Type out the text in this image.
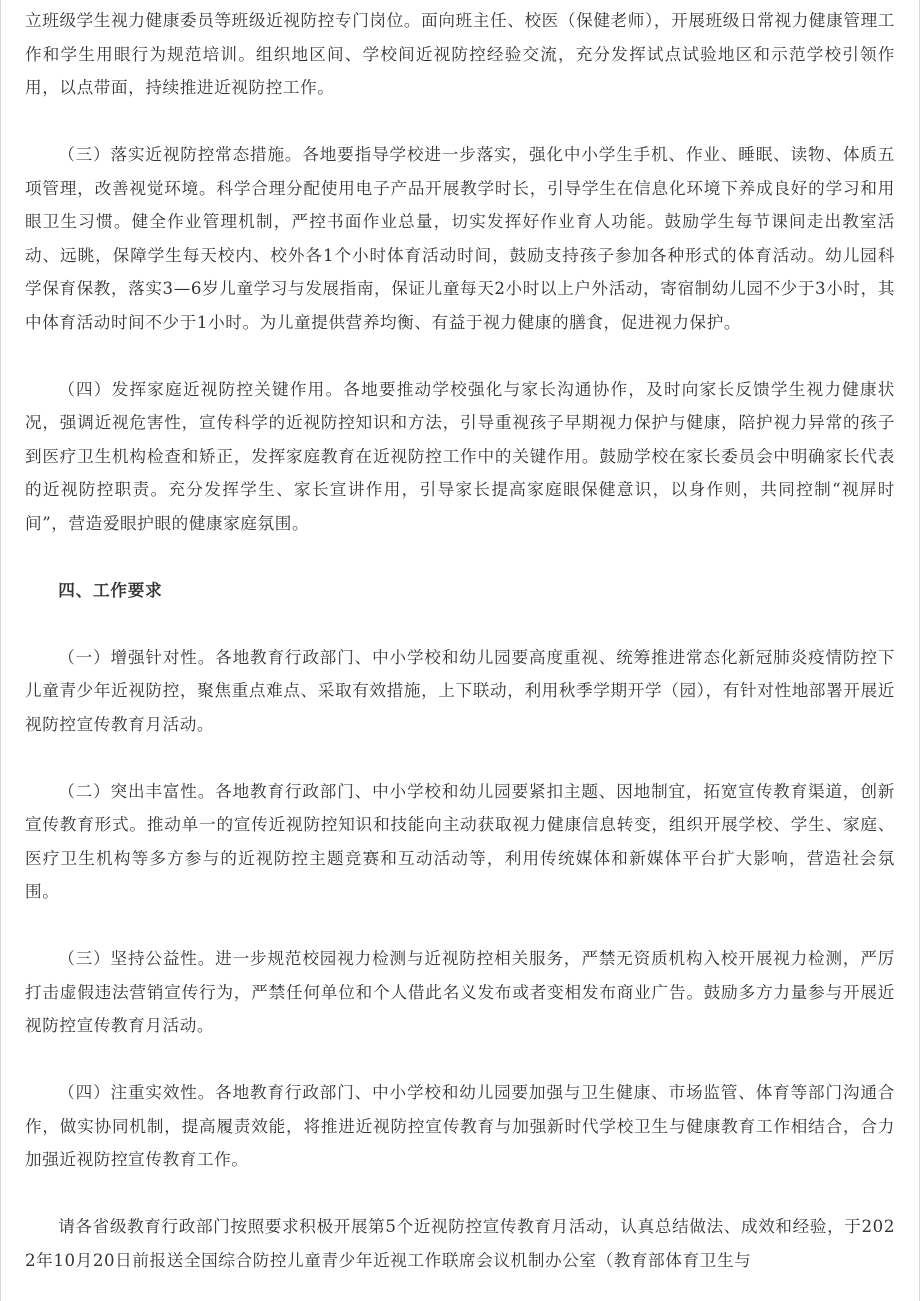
立班级学生视力健康委员等班级近视防控专门岗位。面向班主任、校医（保健老师），开展班级日常视力健康管理工作和学生用眼行为规范培训。组织地区间、学校间近视防控经验交流，充分发挥试点试验地区和示范学校引领作用，以点带面，持续推进近视防控工作。

（三）落实近视防控常态措施。各地要指导学校进一步落实，强化中小学生手机、作业、睡眠、读物、体质五项管理，改善视觉环境。科学合理分配使用电子产品开展教学时长，引导学生在信息化环境下养成良好的学习和用眼卫生习惯。健全作业管理机制，严控书面作业总量，切实发挥好作业育人功能。鼓励学生每节课间走出教室活动、远眺，保障学生每天校内、校外各1个小时体育活动时间，鼓励支持孩子参加各种形式的体育活动。幼儿园科学保育保教，落实3—6岁儿童学习与发展指南，保证儿童每天2小时以上户外活动，寄宿制幼儿园不少于3小时，其中体育活动时间不少于1小时。为儿童提供营养均衡、有益于视力健康的膳食，促进视力保护。

（四）发挥家庭近视防控关键作用。各地要推动学校强化与家长沟通协作，及时向家长反馈学生视力健康状况，强调近视危害性，宣传科学的近视防控知识和方法，引导重视孩子早期视力保护与健康，陪护视力异常的孩子到医疗卫生机构检查和矫正，发挥家庭教育在近视防控工作中的关键作用。鼓励学校在家长委员会中明确家长代表的近视防控职责。充分发挥学生、家长宣讲作用，引导家长提高家庭眼保健意识，以身作则，共同控制“视屏时间”，营造爱眼护眼的健康家庭氛围。

四、工作要求

（一）增强针对性。各地教育行政部门、中小学校和幼儿园要高度重视、统筹推进常态化新冠肺炎疫情防控下儿童青少年近视防控，聚焦重点难点、采取有效措施，上下联动，利用秋季学期开学（园），有针对性地部署开展近视防控宣传教育月活动。

（二）突出丰富性。各地教育行政部门、中小学校和幼儿园要紧扣主题、因地制宜，拓宽宣传教育渠道，创新宣传教育形式。推动单一的宣传近视防控知识和技能向主动获取视力健康信息转变，组织开展学校、学生、家庭、医疗卫生机构等多方参与的近视防控主题竞赛和互动活动等，利用传统媒体和新媒体平台扩大影响，营造社会氛围。

（三）坚持公益性。进一步规范校园视力检测与近视防控相关服务，严禁无资质机构入校开展视力检测，严厉打击虚假违法营销宣传行为，严禁任何单位和个人借此名义发布或者变相发布商业广告。鼓励多方力量参与开展近视防控宣传教育月活动。

（四）注重实效性。各地教育行政部门、中小学校和幼儿园要加强与卫生健康、市场监管、体育等部门沟通合作，做实协同机制，提高履责效能，将推进近视防控宣传教育与加强新时代学校卫生与健康教育工作相结合，合力加强近视防控宣传教育工作。

请各省级教育行政部门按照要求积极开展第5个近视防控宣传教育月活动，认真总结做法、成效和经验，于2022年10月20日前报送全国综合防控儿童青少年近视工作联席会议机制办公室（教育部体育卫生与
